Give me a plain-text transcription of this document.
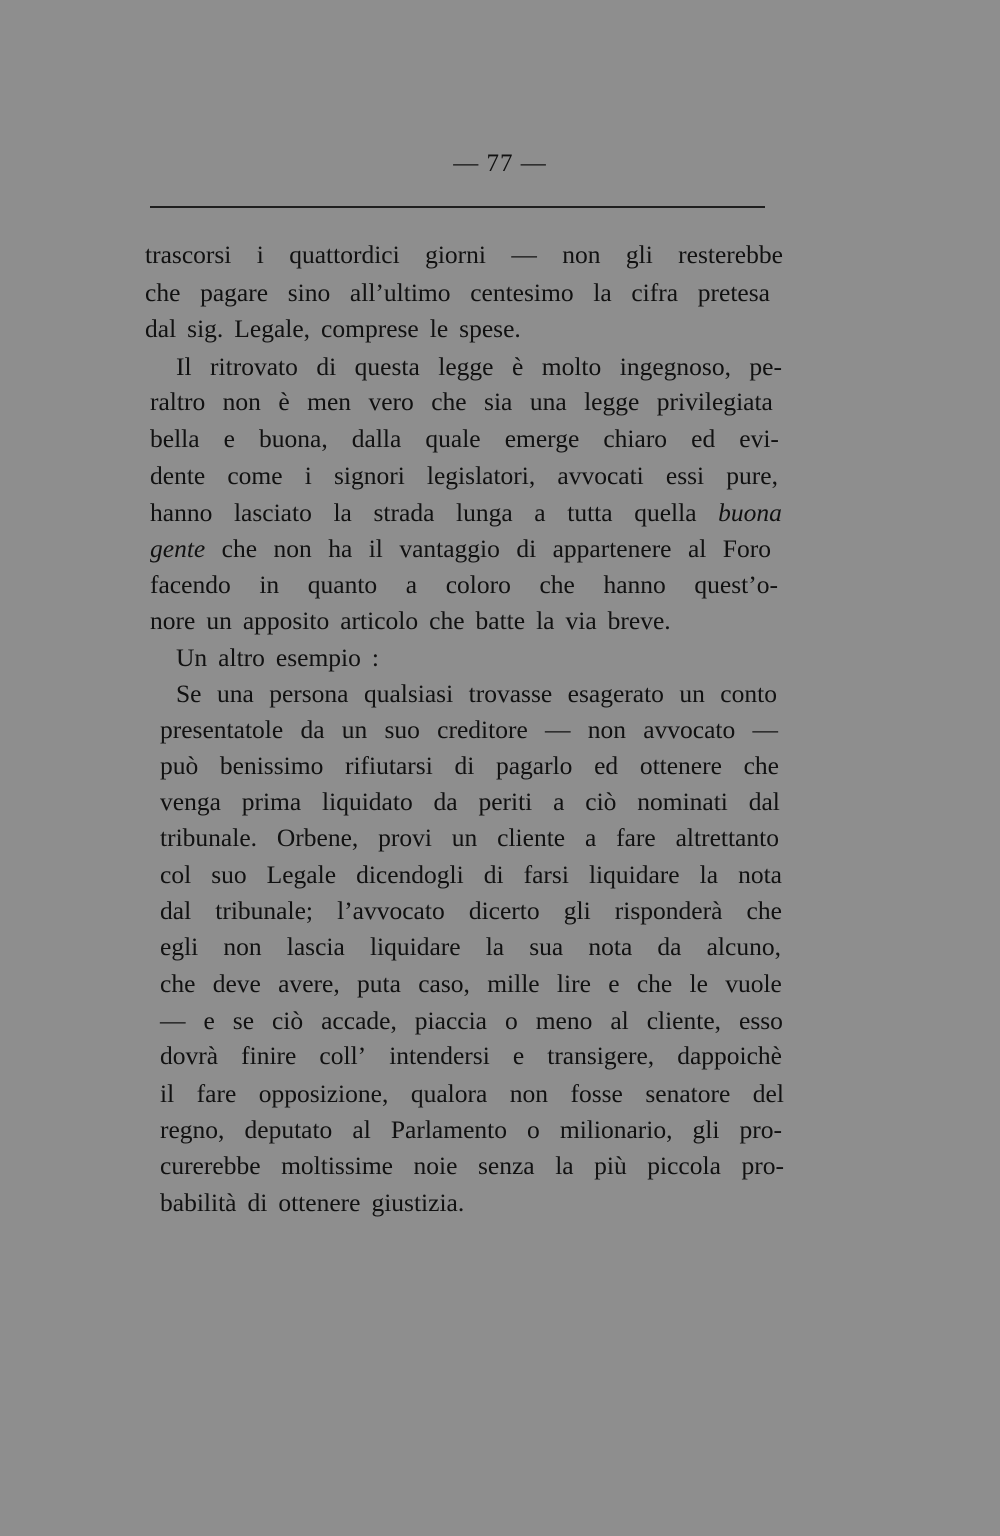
— 77 —
trascorsi i quattordici giorni — non gli resterebbe
che pagare sino all’ultimo centesimo la cifra pretesa
dal sig. Legale, comprese le spese.
Il ritrovato di questa legge è molto ingegnoso, pe-
raltro non è men vero che sia una legge privilegiata
bella e buona, dalla quale emerge chiaro ed evi-
dente come i signori legislatori, avvocati essi pure,
hanno lasciato la strada lunga a tutta quella buona
gente che non ha il vantaggio di appartenere al Foro
facendo in quanto a coloro che hanno quest’o-
nore un apposito articolo che batte la via breve.
Un altro esempio :
Se una persona qualsiasi trovasse esagerato un conto
presentatole da un suo creditore — non avvocato —
può benissimo rifiutarsi di pagarlo ed ottenere che
venga prima liquidato da periti a ciò nominati dal
tribunale. Orbene, provi un cliente a fare altrettanto
col suo Legale dicendogli di farsi liquidare la nota
dal tribunale; l’avvocato dicerto gli risponderà che
egli non lascia liquidare la sua nota da alcuno,
che deve avere, puta caso, mille lire e che le vuole
— e se ciò accade, piaccia o meno al cliente, esso
dovrà finire coll’ intendersi e transigere, dappoichè
il fare opposizione, qualora non fosse senatore del
regno, deputato al Parlamento o milionario, gli pro-
curerebbe moltissime noie senza la più piccola pro-
babilità di ottenere giustizia.
